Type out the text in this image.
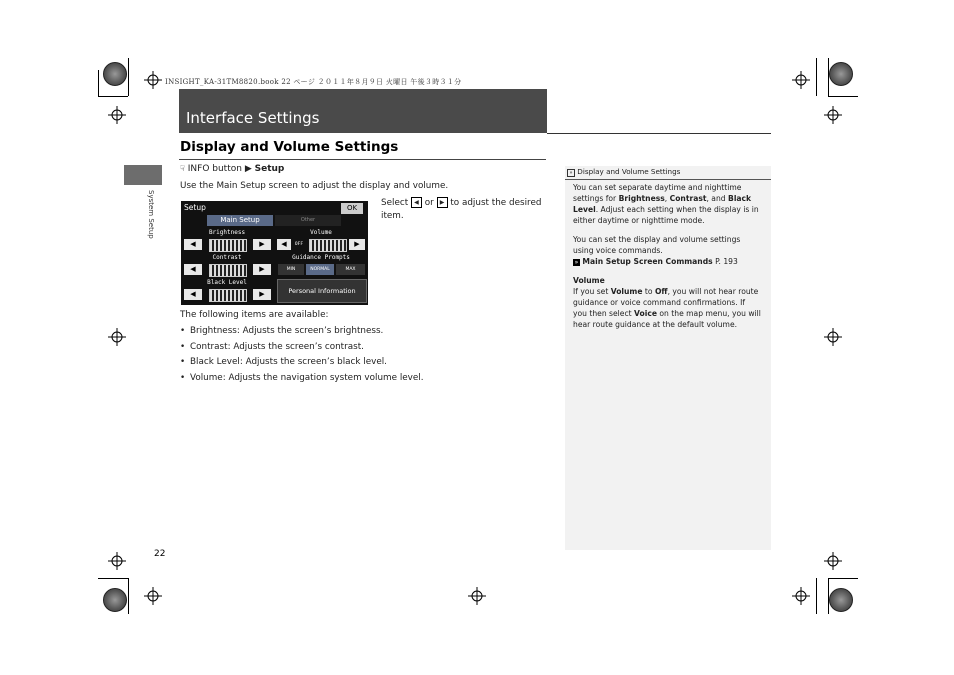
INSIGHT_KA-31TM8820.book 22 ページ ２０１１年８月９日 火曜日 午後３時３１分
System Setup
Interface Settings
Display and Volume Settings
☟ INFO button ▶ Setup
Use the Main Setup screen to adjust the display and volume.
Setup	OK
Main Setup	Other
Brightness
◀	▶
Volume
◀	OFF	▶
Contrast
◀	▶
Guidance Prompts
MIN	NORMAL	MAX
Black Level
◀	▶	Personal Information
Select ◀ or ▶ to adjust the desired
item.
The following items are available:
• Brightness: Adjusts the screen’s brightness.
• Contrast: Adjusts the screen’s contrast.
• Black Level: Adjusts the screen’s black level.
• Volume: Adjusts the navigation system volume level.
» Display and Volume Settings
You can set separate daytime and nighttime
settings for Brightness, Contrast, and Black
Level. Adjust each setting when the display is in
either daytime or nighttime mode.
You can set the display and volume settings
using voice commands.
» Main Setup Screen Commands P. 193
Volume
If you set Volume to Off, you will not hear route
guidance or voice command confirmations. If
you then select Voice on the map menu, you will
hear route guidance at the default volume.
22
